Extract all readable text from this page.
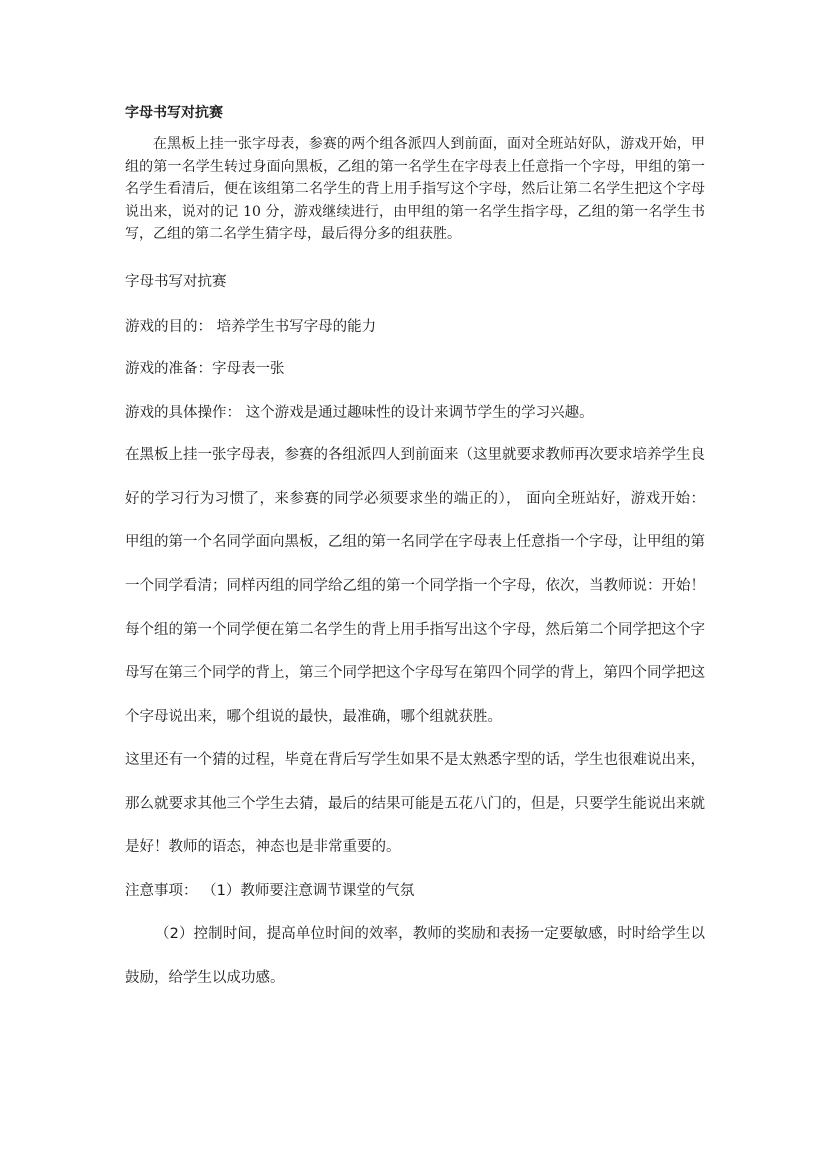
字母书写对抗赛
在黑板上挂一张字母表，参赛的两个组各派四人到前面，面对全班站好队，游戏开始，甲组的第一名学生转过身面向黑板，乙组的第一名学生在字母表上任意指一个字母，甲组的第一名学生看清后，便在该组第二名学生的背上用手指写这个字母，然后让第二名学生把这个字母说出来，说对的记 10 分，游戏继续进行，由甲组的第一名学生指字母，乙组的第一名学生书写，乙组的第二名学生猜字母，最后得分多的组获胜。
字母书写对抗赛
游戏的目的： 培养学生书写字母的能力
游戏的准备：字母表一张
游戏的具体操作： 这个游戏是通过趣味性的设计来调节学生的学习兴趣。
在黑板上挂一张字母表，参赛的各组派四人到前面来（这里就要求教师再次要求培养学生良
好的学习行为习惯了，来参赛的同学必须要求坐的端正的）， 面向全班站好，游戏开始：
甲组的第一个名同学面向黑板，乙组的第一名同学在字母表上任意指一个字母，让甲组的第
一个同学看清；同样丙组的同学给乙组的第一个同学指一个字母，依次，当教师说：开始！
每个组的第一个同学便在第二名学生的背上用手指写出这个字母，然后第二个同学把这个字
母写在第三个同学的背上，第三个同学把这个字母写在第四个同学的背上，第四个同学把这
个字母说出来，哪个组说的最快，最准确，哪个组就获胜。
这里还有一个猜的过程，毕竟在背后写学生如果不是太熟悉字型的话，学生也很难说出来，
那么就要求其他三个学生去猜，最后的结果可能是五花八门的，但是，只要学生能说出来就
是好！教师的语态，神态也是非常重要的。
注意事项： （1）教师要注意调节课堂的气氛
（2）控制时间，提高单位时间的效率，教师的奖励和表扬一定要敏感，时时给学生以
鼓励，给学生以成功感。
